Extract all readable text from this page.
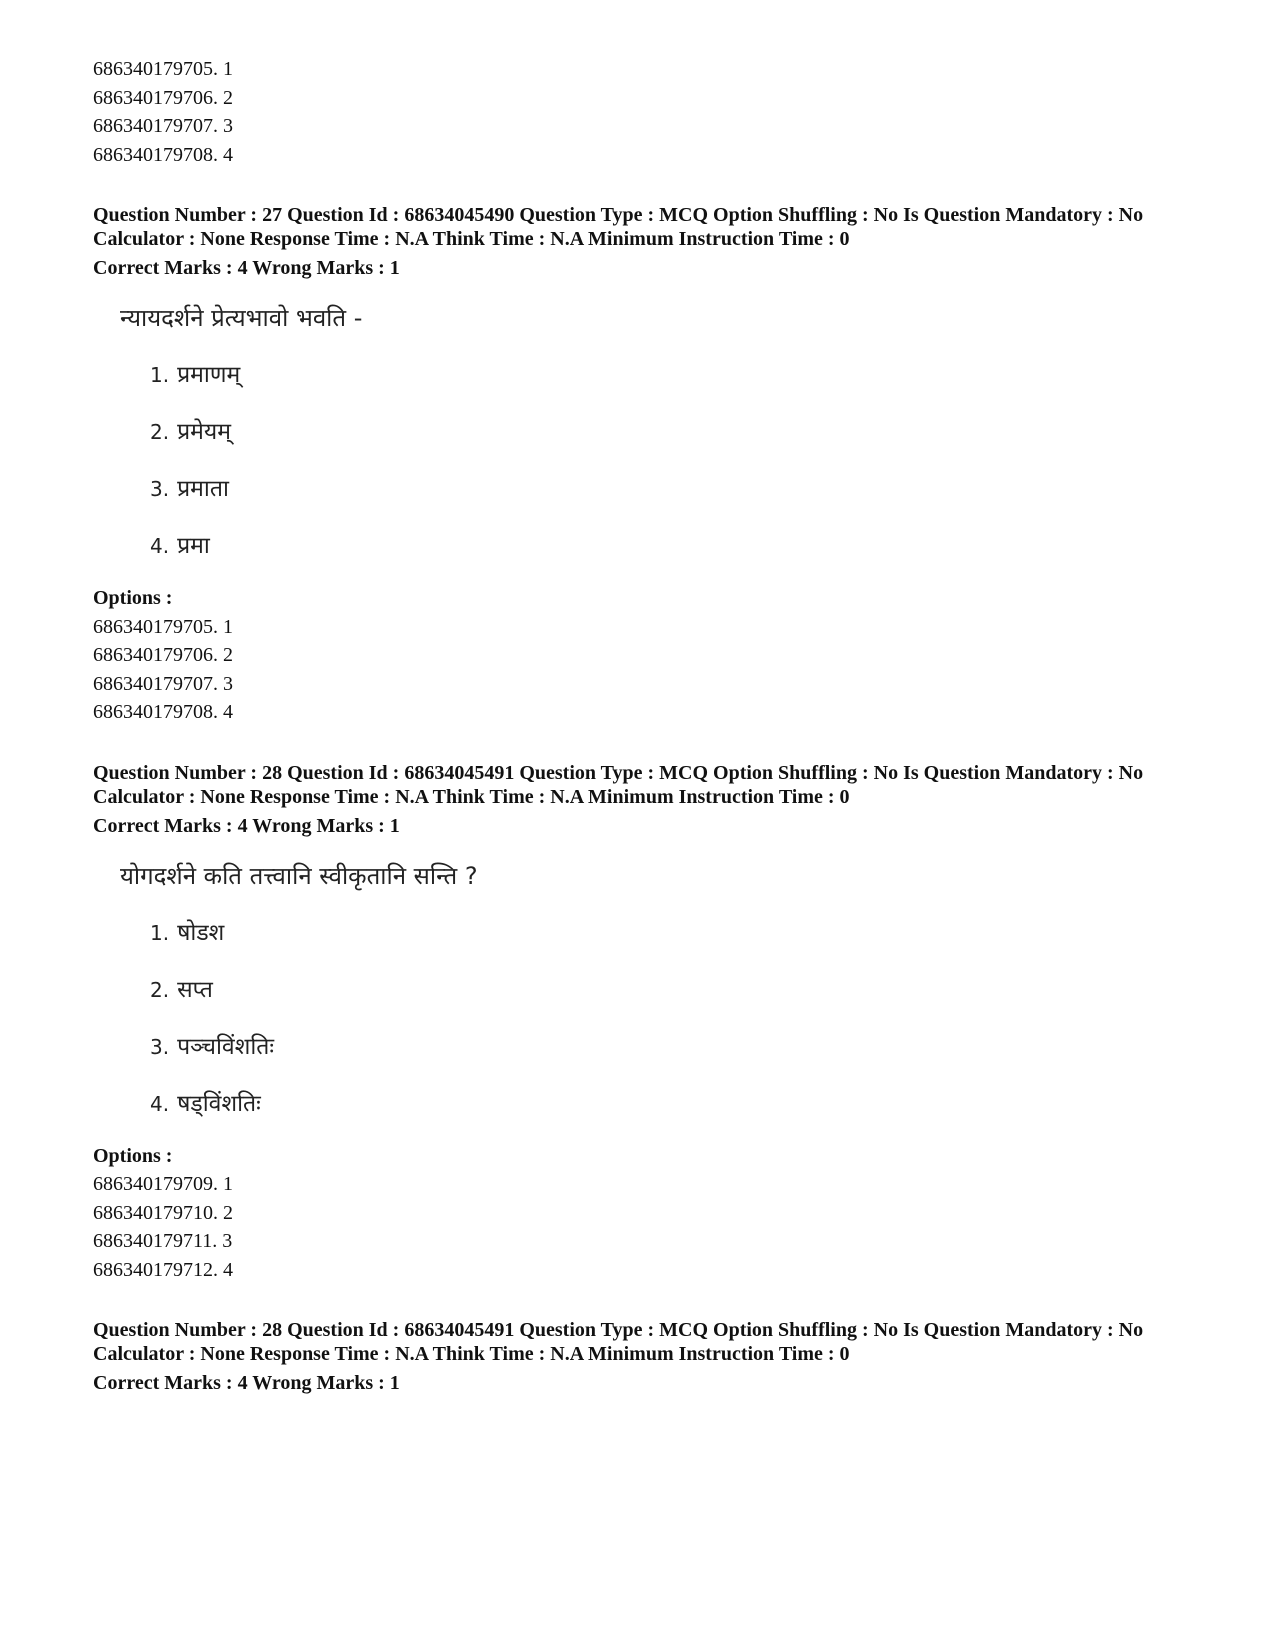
686340179705. 1
686340179706. 2
686340179707. 3
686340179708. 4
Question Number : 27 Question Id : 68634045490 Question Type : MCQ Option Shuffling : No Is Question Mandatory : No Calculator : None Response Time : N.A Think Time : N.A Minimum Instruction Time : 0
Correct Marks : 4 Wrong Marks : 1
न्यायदर्शने प्रेत्यभावो भवति -
1. प्रमाणम्
2. प्रमेयम्
3. प्रमाता
4. प्रमा
Options :
686340179705. 1
686340179706. 2
686340179707. 3
686340179708. 4
Question Number : 28 Question Id : 68634045491 Question Type : MCQ Option Shuffling : No Is Question Mandatory : No Calculator : None Response Time : N.A Think Time : N.A Minimum Instruction Time : 0
Correct Marks : 4 Wrong Marks : 1
योगदर्शने कति तत्त्वानि स्वीकृतानि सन्ति ?
1. षोडश
2. सप्त
3. पञ्चविंशतिः
4. षड्विंशतिः
Options :
686340179709. 1
686340179710. 2
686340179711. 3
686340179712. 4
Question Number : 28 Question Id : 68634045491 Question Type : MCQ Option Shuffling : No Is Question Mandatory : No Calculator : None Response Time : N.A Think Time : N.A Minimum Instruction Time : 0
Correct Marks : 4 Wrong Marks : 1
